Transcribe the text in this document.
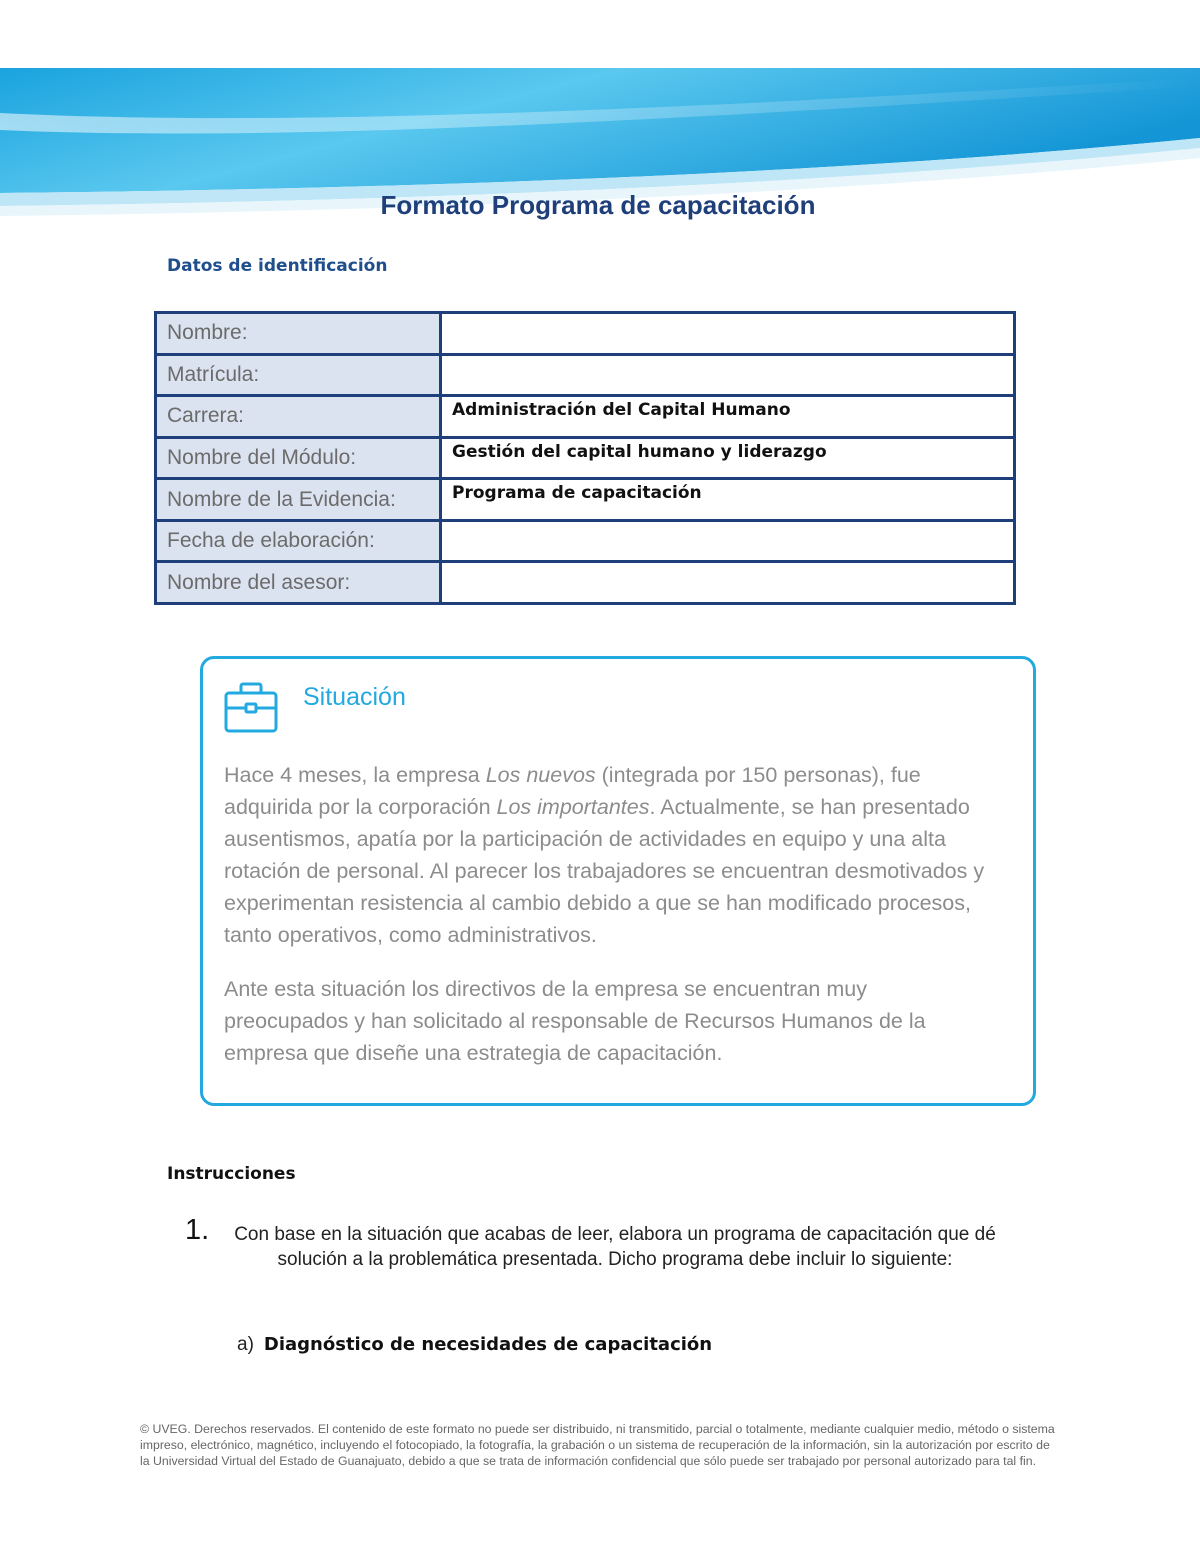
Formato Programa de capacitación
Datos de identificación
Nombre:	
Matrícula:	
Carrera:	Administración del Capital Humano
Nombre del Módulo:	Gestión del capital humano y liderazgo
Nombre de la Evidencia:	Programa de capacitación
Fecha de elaboración:	
Nombre del asesor:	
Situación

Hace 4 meses, la empresa Los nuevos (integrada por 150 personas), fue adquirida por la corporación Los importantes. Actualmente, se han presentado ausentismos, apatía por la participación de actividades en equipo y una alta rotación de personal. Al parecer los trabajadores se encuentran desmotivados y experimentan resistencia al cambio debido a que se han modificado procesos, tanto operativos, como administrativos.

Ante esta situación los directivos de la empresa se encuentran muy preocupados y han solicitado al responsable de Recursos Humanos de la empresa que diseñe una estrategia de capacitación.

Instrucciones
1.	Con base en la situación que acabas de leer, elabora un programa de capacitación que dé solución a la problemática presentada. Dicho programa debe incluir lo siguiente:

a) Diagnóstico de necesidades de capacitación

© UVEG. Derechos reservados. El contenido de este formato no puede ser distribuido, ni transmitido, parcial o totalmente, mediante cualquier medio, método o sistema impreso, electrónico, magnético, incluyendo el fotocopiado, la fotografía, la grabación o un sistema de recuperación de la información, sin la autorización por escrito de la Universidad Virtual del Estado de Guanajuato, debido a que se trata de información confidencial que sólo puede ser trabajado por personal autorizado para tal fin.
